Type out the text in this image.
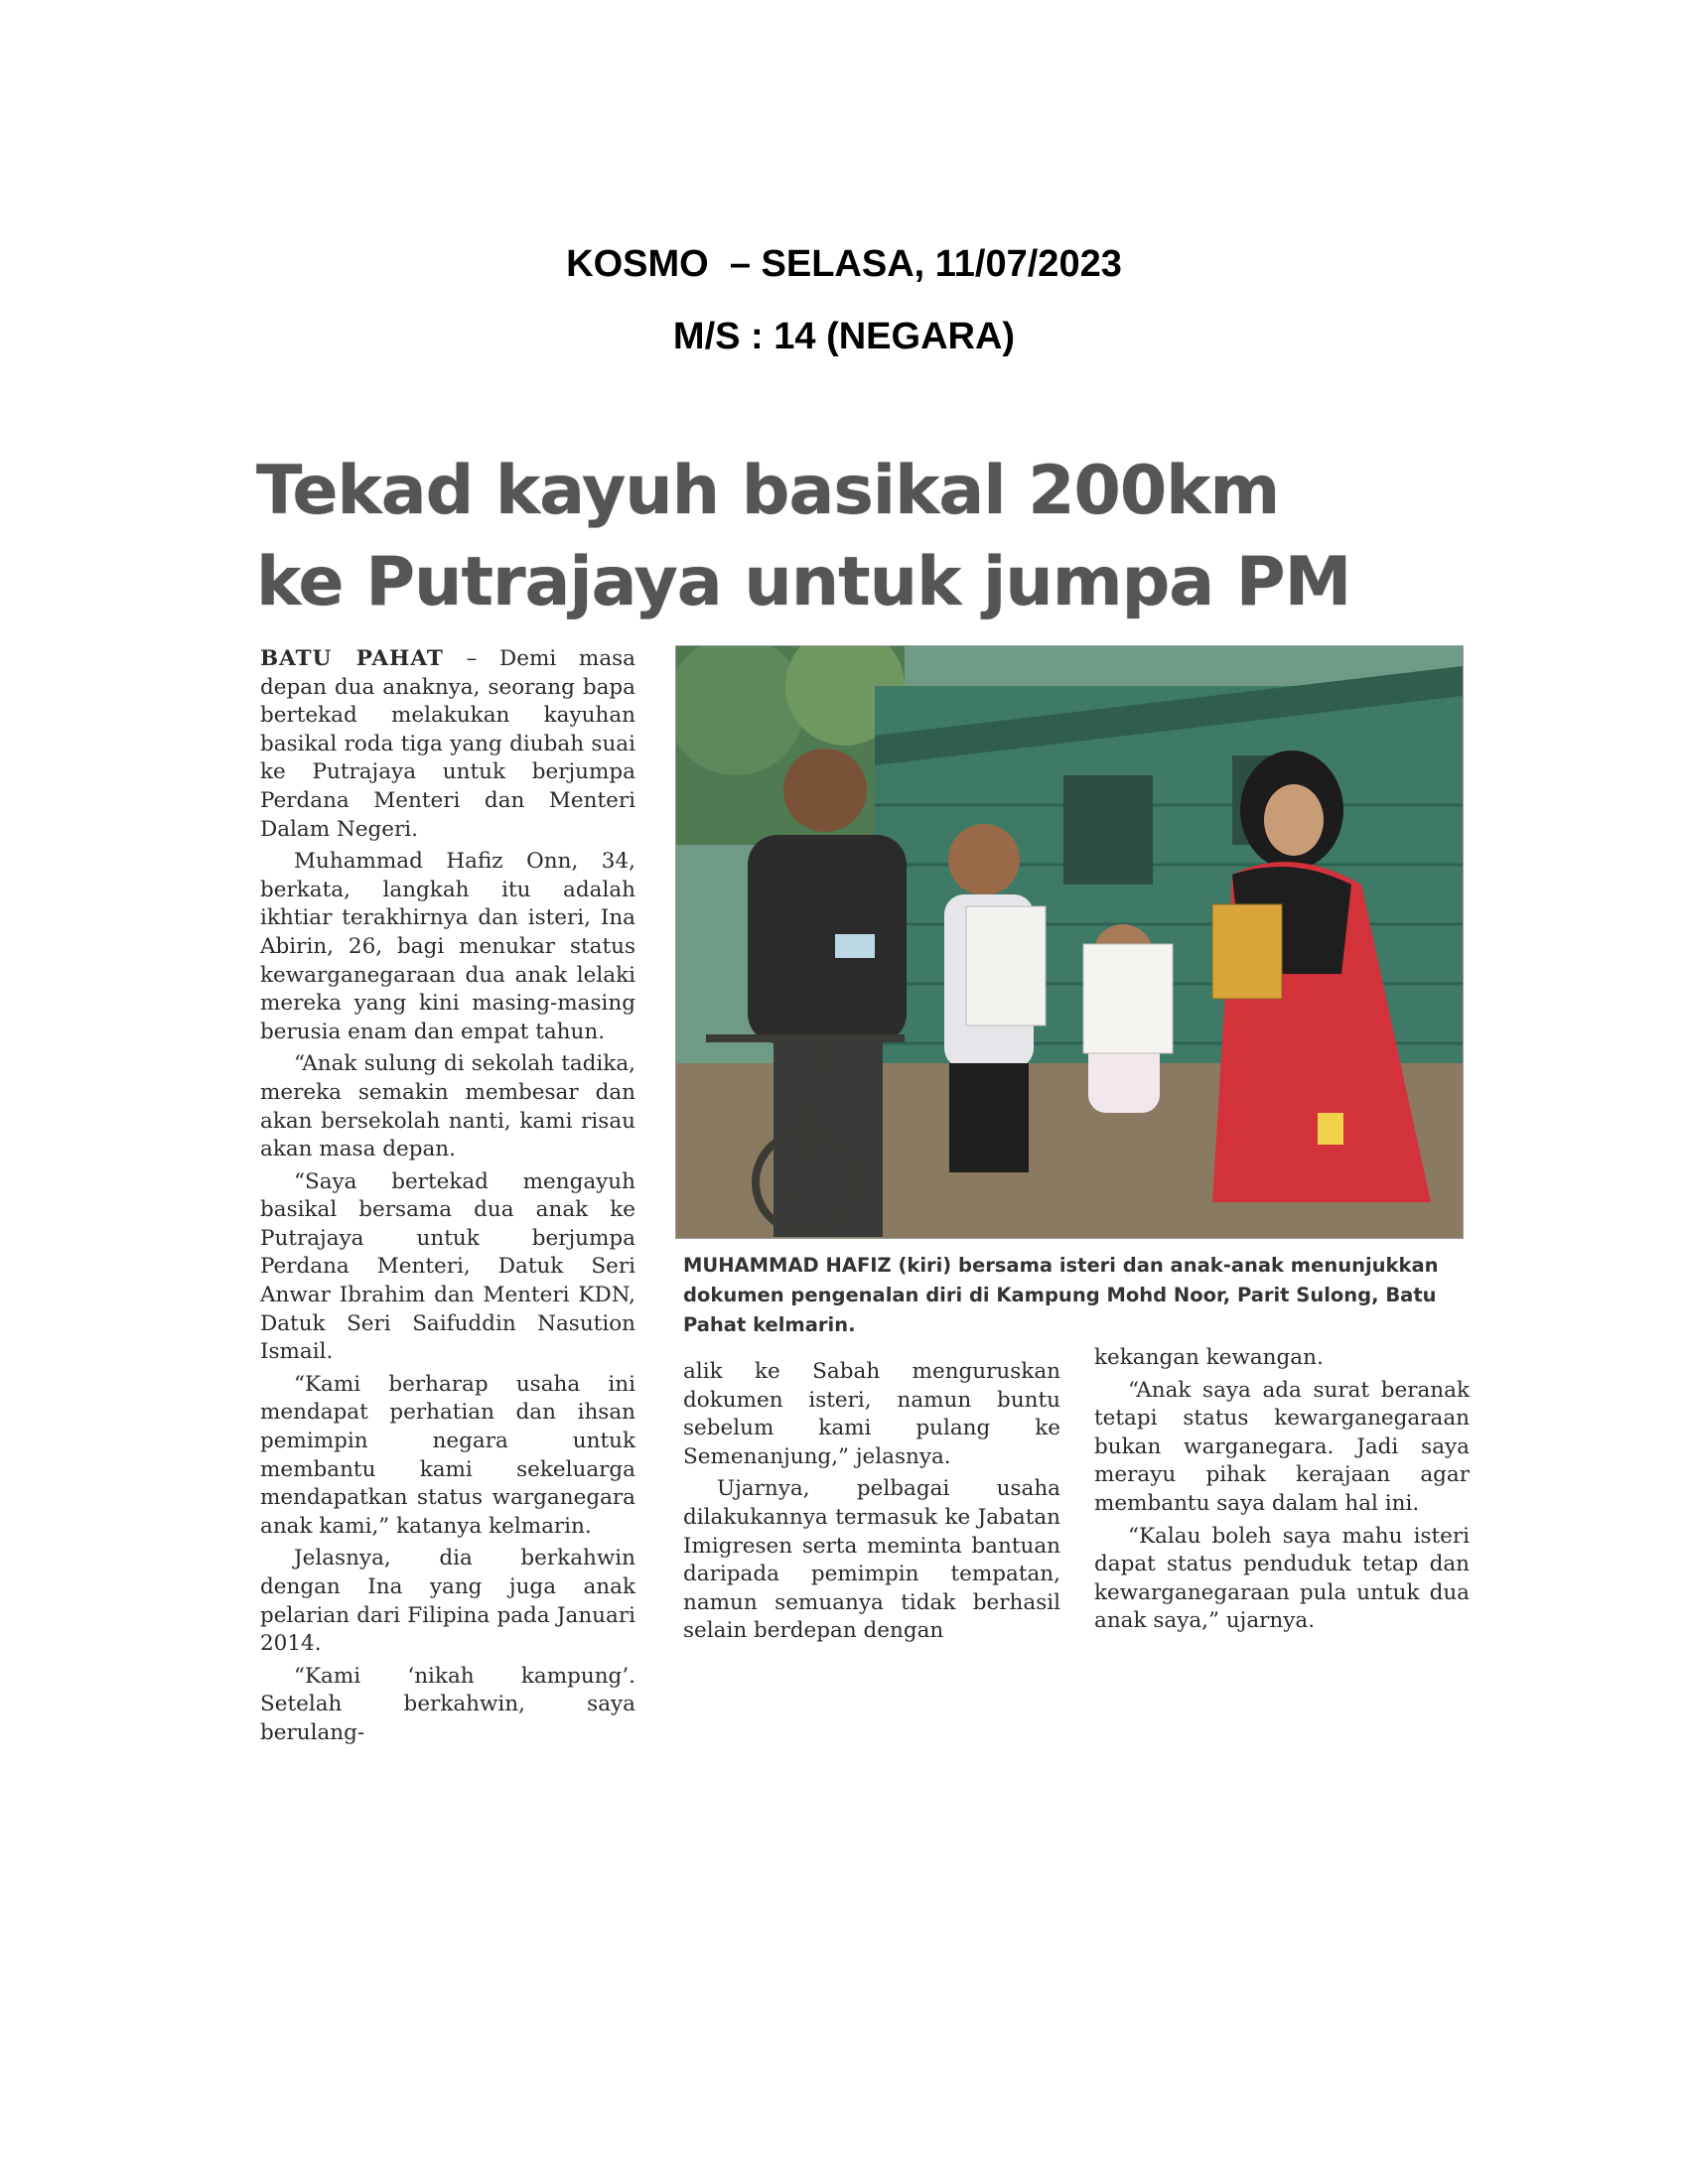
KOSMO  – SELASA, 11/07/2023
M/S : 14 (NEGARA)
Tekad kayuh basikal 200km
ke Putrajaya untuk jumpa PM

BATU PAHAT – Demi masa depan dua anaknya, seorang bapa bertekad melakukan kayuhan basikal roda tiga yang diubah suai ke Putrajaya untuk berjumpa Perdana Menteri dan Menteri Dalam Negeri.

Muhammad Hafiz Onn, 34, berkata, langkah itu adalah ikhtiar terakhirnya dan isteri, Ina Abirin, 26, bagi menukar status kewarganegaraan dua anak lelaki mereka yang kini masing-masing berusia enam dan empat tahun.

“Anak sulung di sekolah tadika, mereka semakin membesar dan akan bersekolah nanti, kami risau akan masa depan.

“Saya bertekad mengayuh basikal bersama dua anak ke Putrajaya untuk berjumpa Perdana Menteri, Datuk Seri Anwar Ibrahim dan Menteri KDN, Datuk Seri Saifuddin Nasution Ismail.

“Kami berharap usaha ini mendapat perhatian dan ihsan pemimpin negara untuk membantu kami sekeluarga mendapatkan status warganegara anak kami,” katanya kelmarin.

Jelasnya, dia berkahwin dengan Ina yang juga anak pelarian dari Filipina pada Januari 2014.

“Kami ‘nikah kampung’. Setelah berkahwin, saya berulang-

MUHAMMAD HAFIZ (kiri) bersama isteri dan anak-anak menunjukkan dokumen pengenalan diri di Kampung Mohd Noor, Parit Sulong, Batu Pahat kelmarin.

alik ke Sabah menguruskan dokumen isteri, namun buntu sebelum kami pulang ke Semenanjung,” jelasnya.

Ujarnya, pelbagai usaha dilakukannya termasuk ke Jabatan Imigresen serta meminta bantuan daripada pemimpin tempatan, namun semuanya tidak berhasil selain berdepan dengan

kekangan kewangan.

“Anak saya ada surat beranak tetapi status kewarganegaraan bukan warganegara. Jadi saya merayu pihak kerajaan agar membantu saya dalam hal ini.

“Kalau boleh saya mahu isteri dapat status penduduk tetap dan kewarganegaraan pula untuk dua anak saya,” ujarnya.
